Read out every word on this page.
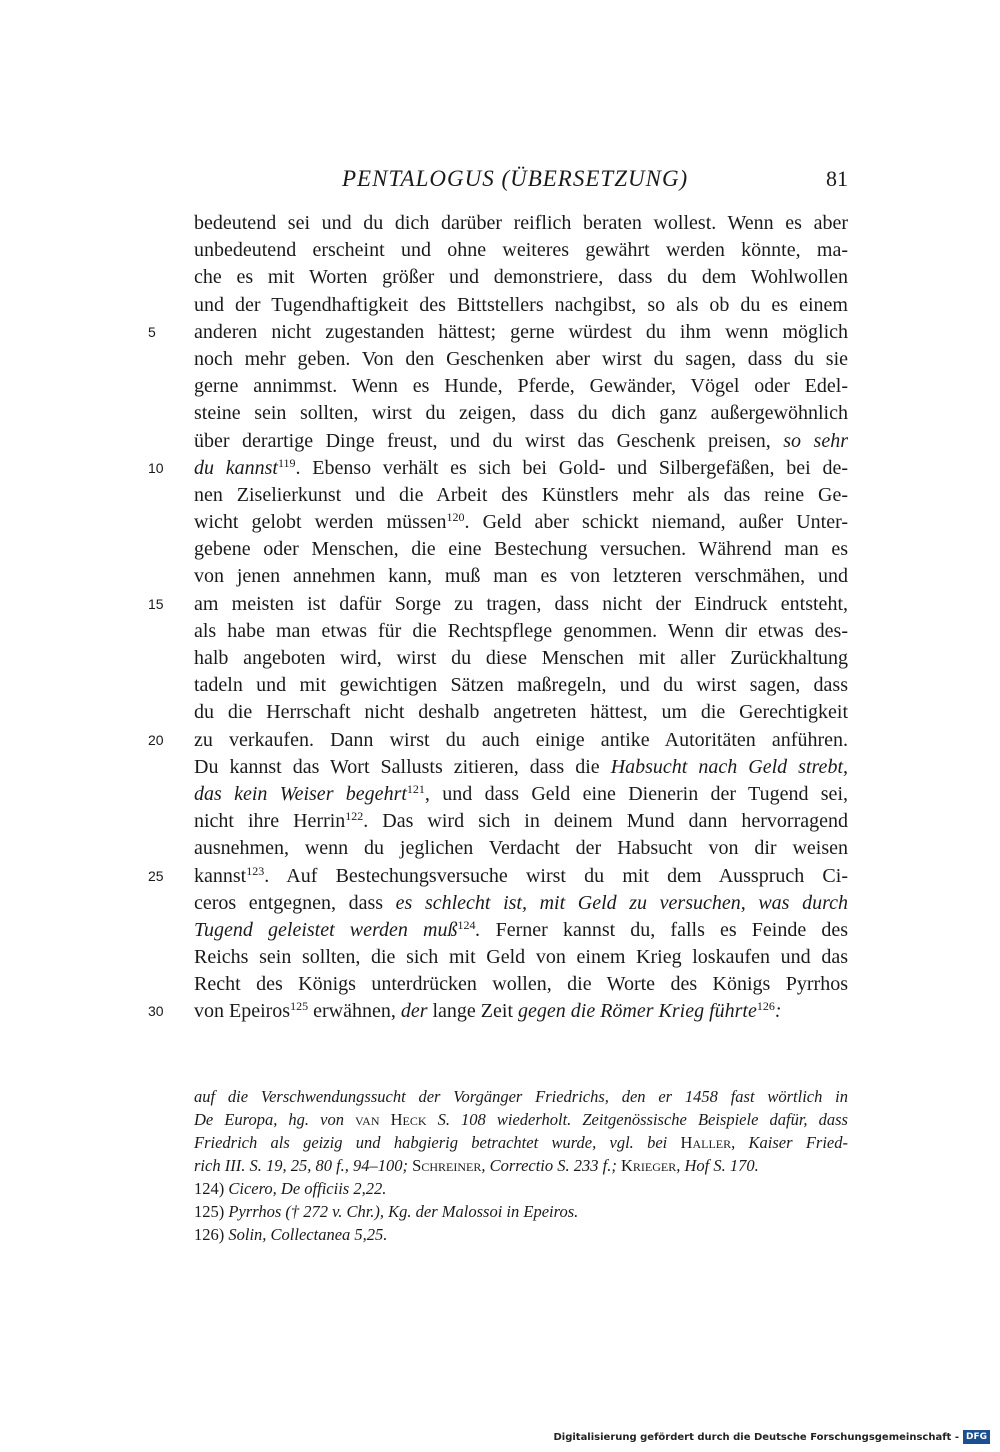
PENTALOGUS (ÜBERSETZUNG)	81
bedeutend sei und du dich darüber reiflich beraten wollest. Wenn es aber
unbedeutend erscheint und ohne weiteres gewährt werden könnte, ma-
che es mit Worten größer und demonstriere, dass du dem Wohlwollen
und der Tugendhaftigkeit des Bittstellers nachgibst, so als ob du es einem
5 anderen nicht zugestanden hättest; gerne würdest du ihm wenn möglich
noch mehr geben. Von den Geschenken aber wirst du sagen, dass du sie
gerne annimmst. Wenn es Hunde, Pferde, Gewänder, Vögel oder Edel-
steine sein sollten, wirst du zeigen, dass du dich ganz außergewöhnlich
über derartige Dinge freust, und du wirst das Geschenk preisen, so sehr
10 du kannst$^{119}$. Ebenso verhält es sich bei Gold- und Silbergefäßen, bei de-
nen Ziselierkunst und die Arbeit des Künstlers mehr als das reine Ge-
wicht gelobt werden müssen$^{120}$. Geld aber schickt niemand, außer Unter-
gebene oder Menschen, die eine Bestechung versuchen. Während man es
von jenen annehmen kann, muß man es von letzteren verschmähen, und
15 am meisten ist dafür Sorge zu tragen, dass nicht der Eindruck entsteht,
als habe man etwas für die Rechtspflege genommen. Wenn dir etwas des-
halb angeboten wird, wirst du diese Menschen mit aller Zurückhaltung
tadeln und mit gewichtigen Sätzen maßregeln, und du wirst sagen, dass
du die Herrschaft nicht deshalb angetreten hättest, um die Gerechtigkeit
20 zu verkaufen. Dann wirst du auch einige antike Autoritäten anführen.
Du kannst das Wort Sallusts zitieren, dass die Habsucht nach Geld strebt,
das kein Weiser begehrt$^{121}$, und dass Geld eine Dienerin der Tugend sei,
nicht ihre Herrin$^{122}$. Das wird sich in deinem Mund dann hervorragend
ausnehmen, wenn du jeglichen Verdacht der Habsucht von dir weisen
25 kannst$^{123}$. Auf Bestechungsversuche wirst du mit dem Ausspruch Ci-
ceros entgegnen, dass es schlecht ist, mit Geld zu versuchen, was durch
Tugend geleistet werden muß$^{124}$. Ferner kannst du, falls es Feinde des
Reichs sein sollten, die sich mit Geld von einem Krieg loskaufen und das
Recht des Königs unterdrücken wollen, die Worte des Königs Pyrrhos
30 von Epeiros$^{125}$ erwähnen, der lange Zeit gegen die Römer Krieg führte$^{126}$:
auf die Verschwendungssucht der Vorgänger Friedrichs, den er 1458 fast wörtlich in
De Europa, hg. von van Heck S. 108 wiederholt. Zeitgenössische Beispiele dafür, dass
Friedrich als geizig und habgierig betrachtet wurde, vgl. bei Haller, Kaiser Fried-
rich III. S. 19, 25, 80 f., 94–100; Schreiner, Correctio S. 233 f.; Krieger, Hof S. 170.
124) Cicero, De officiis 2,22.
125) Pyrrhos († 272 v. Chr.), Kg. der Malossoi in Epeiros.
126) Solin, Collectanea 5,25.
Digitalisierung gefördert durch die Deutsche Forschungsgemeinschaft - DFG
